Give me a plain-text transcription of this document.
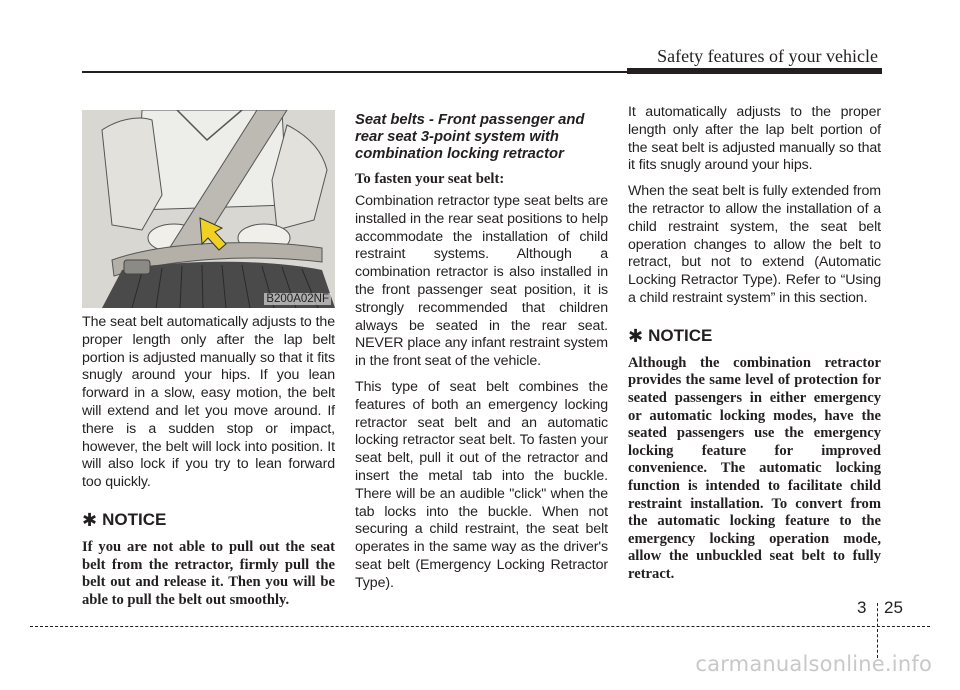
Safety features of your vehicle
B200A02NF

The seat belt automatically adjusts to the proper length only after the lap belt portion is adjusted manually so that it fits snugly around your hips. If you lean forward in a slow, easy motion, the belt will extend and let you move around. If there is a sudden stop or impact, however, the belt will lock into position. It will also lock if you try to lean forward too quickly.

✱ NOTICE

If you are not able to pull out the seat belt from the retractor, firmly pull the belt out and release it. Then you will be able to pull the belt out smoothly.

Seat belts - Front passenger and rear seat 3-point system with combination locking retractor

To fasten your seat belt:

Combination retractor type seat belts are installed in the rear seat positions to help accommodate the installation of child restraint systems. Although a combination retractor is also installed in the front passenger seat position, it is strongly recommended that children always be seated in the rear seat. NEVER place any infant restraint system in the front seat of the vehicle.

This type of seat belt combines the features of both an emergency locking retractor seat belt and an automatic locking retractor seat belt. To fasten your seat belt, pull it out of the retractor and insert the metal tab into the buckle. There will be an audible "click" when the tab locks into the buckle. When not securing a child restraint, the seat belt operates in the same way as the driver's seat belt (Emergency Locking Retractor Type).

It automatically adjusts to the proper length only after the lap belt portion of the seat belt is adjusted manually so that it fits snugly around your hips.

When the seat belt is fully extended from the retractor to allow the installation of a child restraint system, the seat belt operation changes to allow the belt to retract, but not to extend (Automatic Locking Retractor Type). Refer to “Using a child restraint system” in this section.

✱ NOTICE

Although the combination retractor provides the same level of protection for seated passengers in either emergency or automatic locking modes, have the seated passengers use the emergency locking feature for improved convenience. The automatic locking function is intended to facilitate child restraint installation. To convert from the automatic locking feature to the emergency locking operation mode, allow the unbuckled seat belt to fully retract.

3 25
carmanualsonline.info
